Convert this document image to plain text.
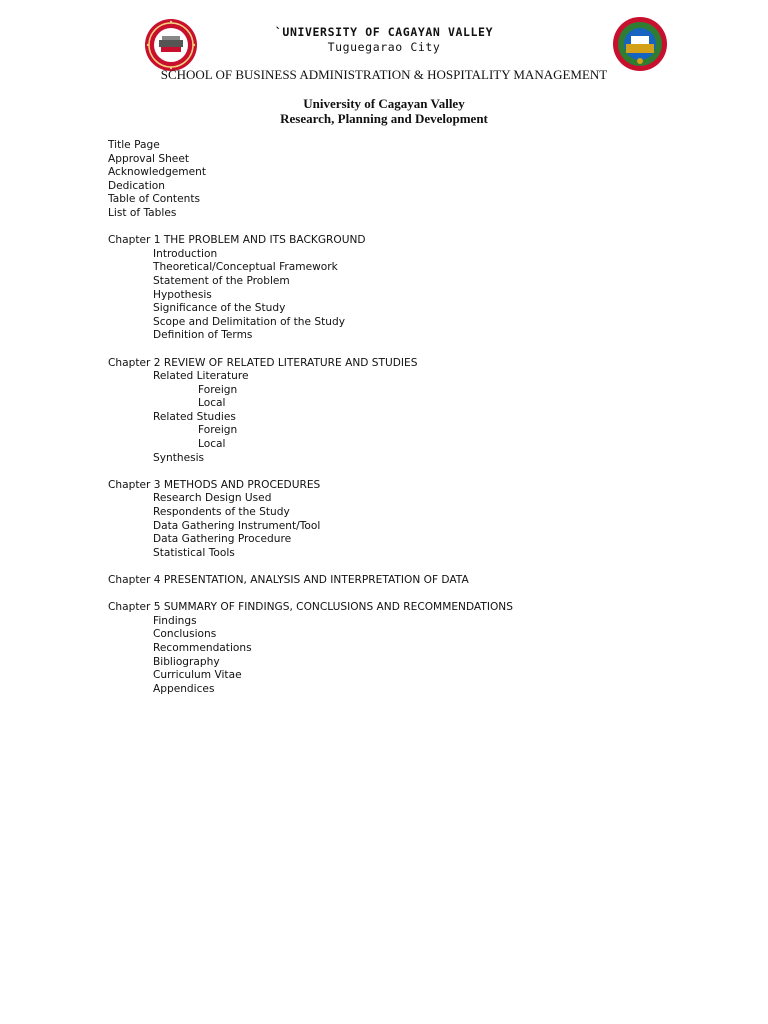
`UNIVERSITY OF CAGAYAN VALLEY
Tuguegarao City
SCHOOL OF BUSINESS ADMINISTRATION & HOSPITALITY MANAGEMENT
University of Cagayan Valley
Research, Planning and Development
Title Page
Approval Sheet
Acknowledgement
Dedication
Table of Contents
List of Tables
Chapter 1 THE PROBLEM AND ITS BACKGROUND
Introduction
Theoretical/Conceptual Framework
Statement of the Problem
Hypothesis
Significance of the Study
Scope and Delimitation of the Study
Definition of Terms
Chapter 2 REVIEW OF RELATED LITERATURE AND STUDIES
Related Literature
Foreign
Local
Related Studies
Foreign
Local
Synthesis
Chapter 3 METHODS AND PROCEDURES
Research Design Used
Respondents of the Study
Data Gathering Instrument/Tool
Data Gathering Procedure
Statistical Tools
Chapter 4 PRESENTATION, ANALYSIS AND INTERPRETATION OF DATA
Chapter 5 SUMMARY OF FINDINGS, CONCLUSIONS AND RECOMMENDATIONS
Findings
Conclusions
Recommendations
Bibliography
Curriculum Vitae
Appendices
